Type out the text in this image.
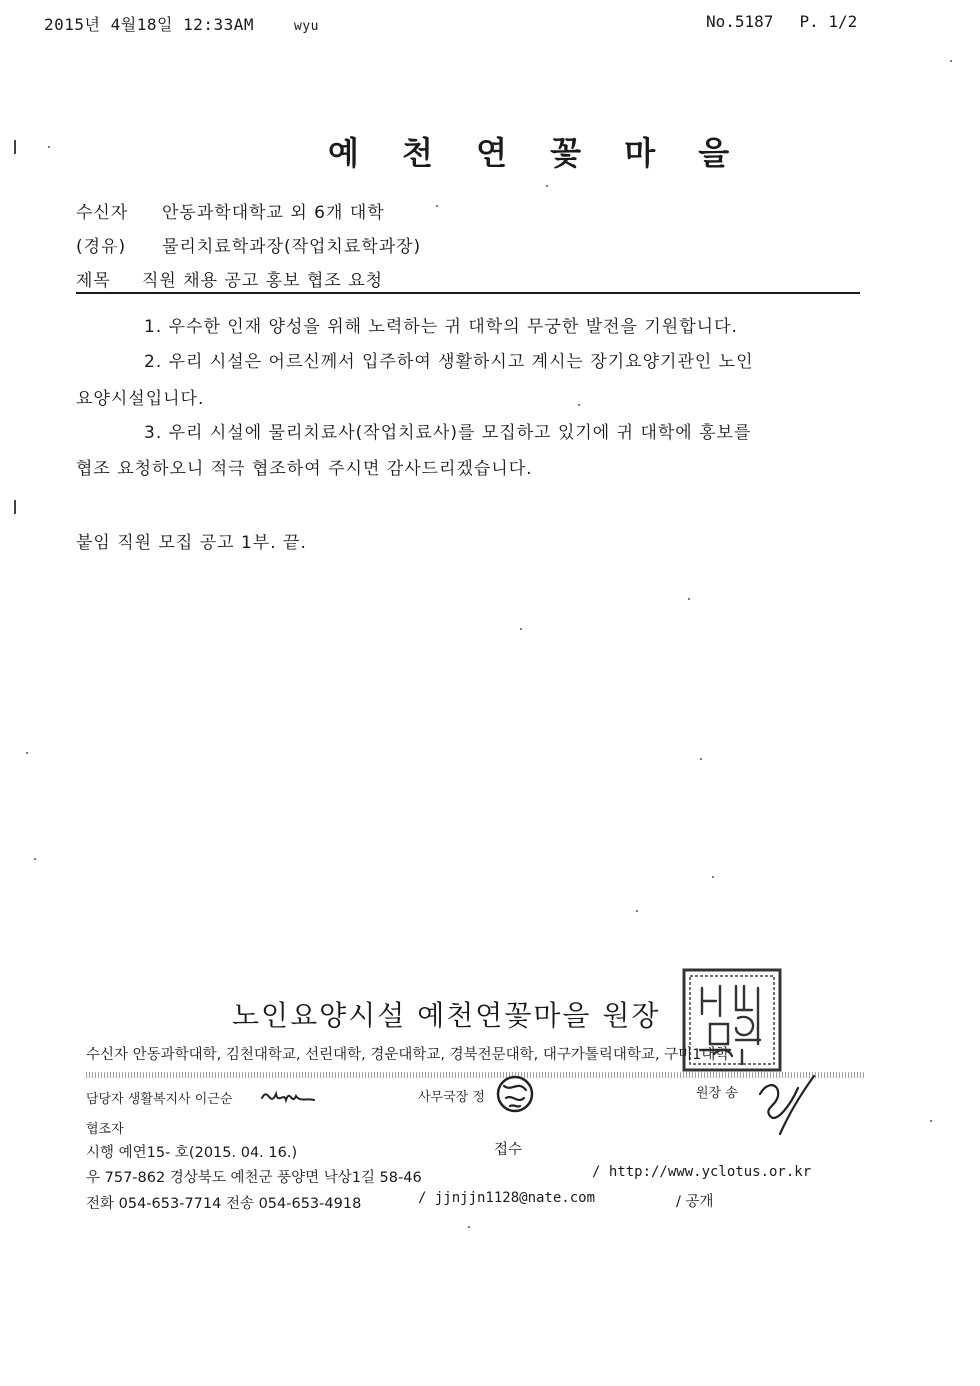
2015년 4월18일 12:33AM	wyu	No.5187 P. 1/2
예 천 연 꽃 마 을
수신자 안동과학대학교 외 6개 대학
(경유) 물리치료학과장(작업치료학과장)
제목 직원 채용 공고 홍보 협조 요청
1. 우수한 인재 양성을 위해 노력하는 귀 대학의 무궁한 발전을 기원합니다.
2. 우리 시설은 어르신께서 입주하여 생활하시고 계시는 장기요양기관인 노인
요양시설입니다.
3. 우리 시설에 물리치료사(작업치료사)를 모집하고 있기에 귀 대학에 홍보를
협조 요청하오니 적극 협조하여 주시면 감사드리겠습니다.
붙임 직원 모집 공고 1부. 끝.
노인요양시설 예천연꽃마을 원장
수신자 안동과학대학, 김천대학교, 선린대학, 경운대학교, 경북전문대학, 대구가톨릭대학교, 구미1대학
담당자 생활복지사 이근순	사무국장 정	원장 송
협조자
시행 예연15- 호(2015. 04. 16.)	접수
우 757-862 경상북도 예천군 풍양면 낙상1길 58-46	/ http://www.yclotus.or.kr
전화 054-653-7714 전송 054-653-4918	/ jjnjjn1128@nate.com	/ 공개
